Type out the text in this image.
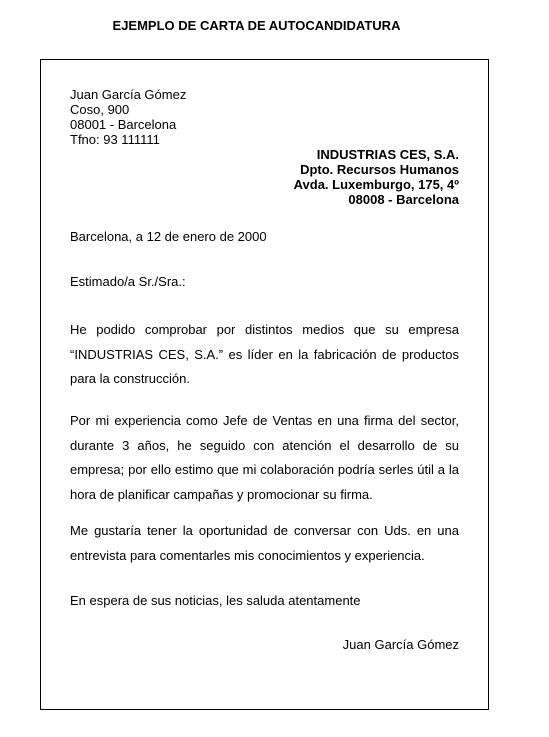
EJEMPLO DE CARTA DE AUTOCANDIDATURA
Juan García Gómez
Coso, 900
08001 - Barcelona
Tfno: 93 111111
INDUSTRIAS CES, S.A.
Dpto. Recursos Humanos
Avda. Luxemburgo, 175, 4º
08008 - Barcelona
Barcelona, a 12 de enero de 2000
Estimado/a Sr./Sra.:
He podido comprobar por distintos medios que su empresa
“INDUSTRIAS CES, S.A.” es líder en la fabricación de productos
para la construcción.
Por mi experiencia como Jefe de Ventas en una firma del sector,
durante 3 años, he seguido con atención el desarrollo de su
empresa; por ello estimo que mi colaboración podría serles útil a la
hora de planificar campañas y promocionar su firma.
Me gustaría tener la oportunidad de conversar con Uds. en una
entrevista para comentarles mis conocimientos y experiencia.
En espera de sus noticias, les saluda atentamente
Juan García Gómez
